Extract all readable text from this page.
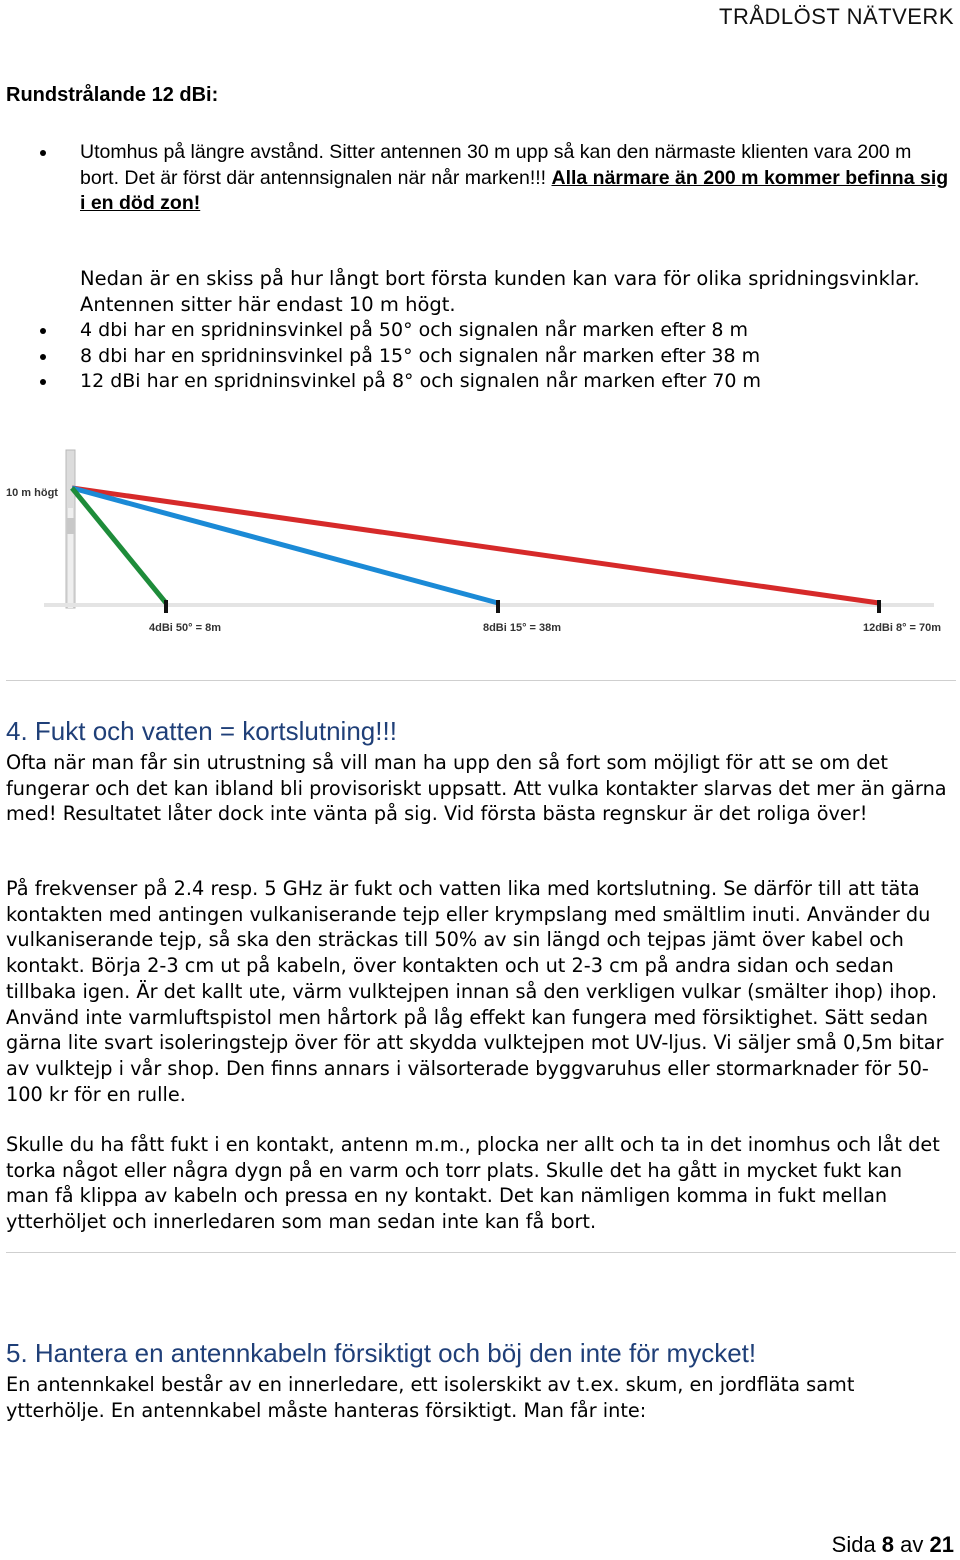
TRÅDLÖST NÄTVERK
Rundstrålande 12 dBi:
Utomhus på längre avstånd. Sitter antennen 30 m upp så kan den närmaste klienten vara 200 m bort. Det är först där antennsignalen när når marken!!! Alla närmare än 200 m kommer befinna sig i en död zon!
Nedan är en skiss på hur långt bort första kunden kan vara för olika spridningsvinklar. Antennen sitter här endast 10 m högt.
4 dbi har en spridninsvinkel på 50° och signalen når marken efter 8 m
8 dbi har en spridninsvinkel på 15° och signalen når marken efter 38 m
12 dBi har en spridninsvinkel på 8° och signalen når marken efter 70 m
10 m högt
4dBi 50° = 8m	8dBi 15° = 38m	12dBi 8° = 70m
4. Fukt och vatten = kortslutning!!!
Ofta när man får sin utrustning så vill man ha upp den så fort som möjligt för att se om det fungerar och det kan ibland bli provisoriskt uppsatt. Att vulka kontakter slarvas det mer än gärna med! Resultatet låter dock inte vänta på sig. Vid första bästa regnskur är det roliga över!
På frekvenser på 2.4 resp. 5 GHz är fukt och vatten lika med kortslutning. Se därför till att täta kontakten med antingen vulkaniserande tejp eller krympslang med smältlim inuti. Använder du vulkaniserande tejp, så ska den sträckas till 50% av sin längd och tejpas jämt över kabel och kontakt. Börja 2-3 cm ut på kabeln, över kontakten och ut 2-3 cm på andra sidan och sedan tillbaka igen. Är det kallt ute, värm vulktejpen innan så den verkligen vulkar (smälter ihop) ihop. Använd inte varmluftspistol men hårtork på låg effekt kan fungera med försiktighet. Sätt sedan gärna lite svart isoleringstejp över för att skydda vulktejpen mot UV-ljus. Vi säljer små 0,5m bitar av vulktejp i vår shop. Den finns annars i välsorterade byggvaruhus eller stormarknader för 50-100 kr för en rulle.
Skulle du ha fått fukt i en kontakt, antenn m.m., plocka ner allt och ta in det inomhus och låt det torka något eller några dygn på en varm och torr plats. Skulle det ha gått in mycket fukt kan man få klippa av kabeln och pressa en ny kontakt. Det kan nämligen komma in fukt mellan ytterhöljet och innerledaren som man sedan inte kan få bort.
5. Hantera en antennkabeln försiktigt och böj den inte för mycket!
En antennkakel består av en innerledare, ett isolerskikt av t.ex. skum, en jordfläta samt ytterhölje. En antennkabel måste hanteras försiktigt. Man får inte:
Sida 8 av 21
